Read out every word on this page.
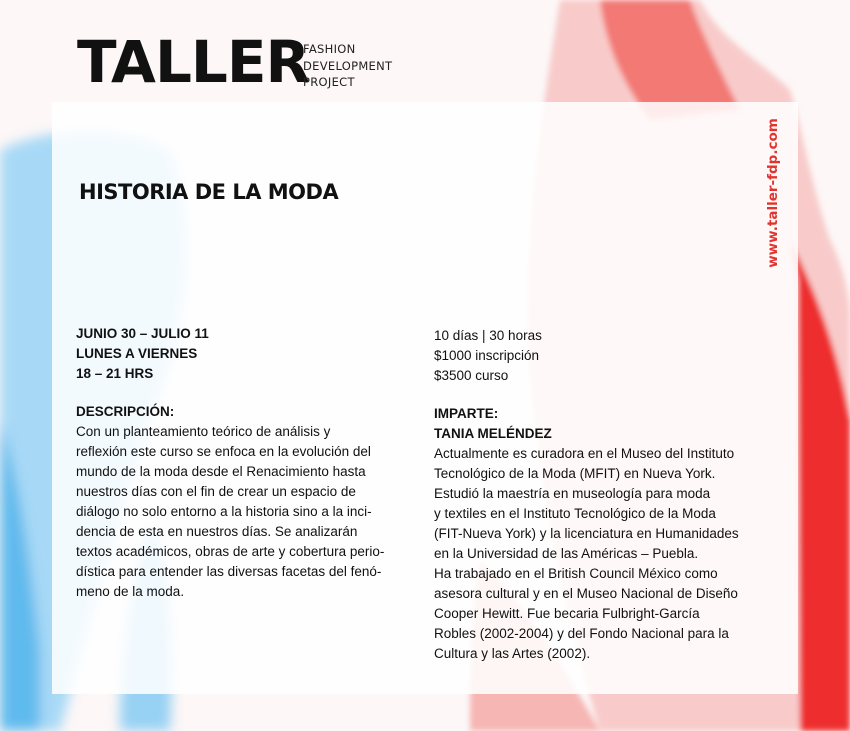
TALLER
FASHION
DEVELOPMENT
PROJECT
HISTORIA DE LA MODA	www.taller-fdp.com
JUNIO 30 – JULIO 11
LUNES A VIERNES
18 – 21 HRS
DESCRIPCIÓN:
Con un planteamiento teórico de análisis y
reflexión este curso se enfoca en la evolución del
mundo de la moda desde el Renacimiento hasta
nuestros días con el fin de crear un espacio de
diálogo no solo entorno a la historia sino a la inci-
dencia de esta en nuestros días. Se analizarán
textos académicos, obras de arte y cobertura perio-
dística para entender las diversas facetas del fenó-
meno de la moda.
10 días | 30 horas
$1000 inscripción
$3500 curso
IMPARTE:
TANIA MELÉNDEZ
Actualmente es curadora en el Museo del Instituto
Tecnológico de la Moda (MFIT) en Nueva York.
Estudió la maestría en museología para moda
y textiles en el Instituto Tecnológico de la Moda
(FIT-Nueva York) y la licenciatura en Humanidades
en la Universidad de las Américas – Puebla.
Ha trabajado en el British Council México como
asesora cultural y en el Museo Nacional de Diseño
Cooper Hewitt. Fue becaria Fulbright-García
Robles (2002-2004) y del Fondo Nacional para la
Cultura y las Artes (2002).
